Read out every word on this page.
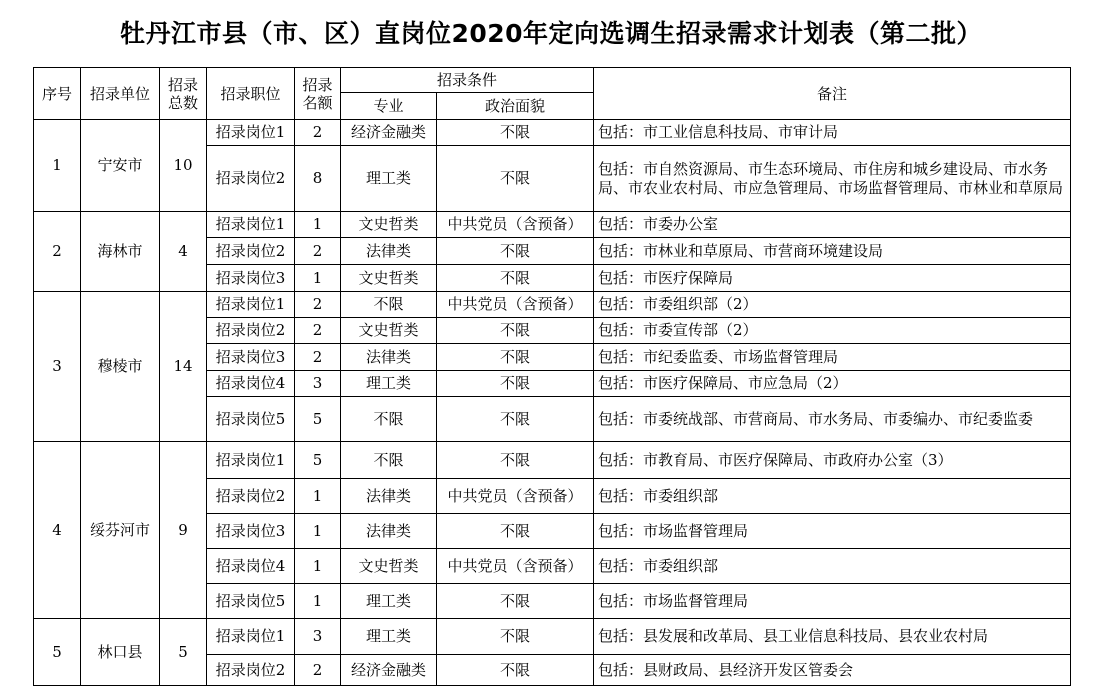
牡丹江市县（市、区）直岗位2020年定向选调生招录需求计划表（第二批）
序号	招录单位	招录总数	招录职位	招录名额	招录条件		备注
					专业	政治面貌	
1	宁安市	10	招录岗位1	2	经济金融类	不限	包括：市工业信息科技局、市审计局
			招录岗位2	8	理工类	不限	包括：市自然资源局、市生态环境局、市住房和城乡建设局、市水务局、市农业农村局、市应急管理局、市场监督管理局、市林业和草原局
2	海林市	4	招录岗位1	1	文史哲类	中共党员（含预备）	包括：市委办公室
			招录岗位2	2	法律类	不限	包括：市林业和草原局、市营商环境建设局
			招录岗位3	1	文史哲类	不限	包括：市医疗保障局
3	穆棱市	14	招录岗位1	2	不限	中共党员（含预备）	包括：市委组织部（2）
			招录岗位2	2	文史哲类	不限	包括：市委宣传部（2）
			招录岗位3	2	法律类	不限	包括：市纪委监委、市场监督管理局
			招录岗位4	3	理工类	不限	包括：市医疗保障局、市应急局（2）
			招录岗位5	5	不限	不限	包括：市委统战部、市营商局、市水务局、市委编办、市纪委监委
4	绥芬河市	9	招录岗位1	5	不限	不限	包括：市教育局、市医疗保障局、市政府办公室（3）
			招录岗位2	1	法律类	中共党员（含预备）	包括：市委组织部
			招录岗位3	1	法律类	不限	包括：市场监督管理局
			招录岗位4	1	文史哲类	中共党员（含预备）	包括：市委组织部
			招录岗位5	1	理工类	不限	包括：市场监督管理局
5	林口县	5	招录岗位1	3	理工类	不限	包括：县发展和改革局、县工业信息科技局、县农业农村局
			招录岗位2	2	经济金融类	不限	包括：县财政局、县经济开发区管委会
